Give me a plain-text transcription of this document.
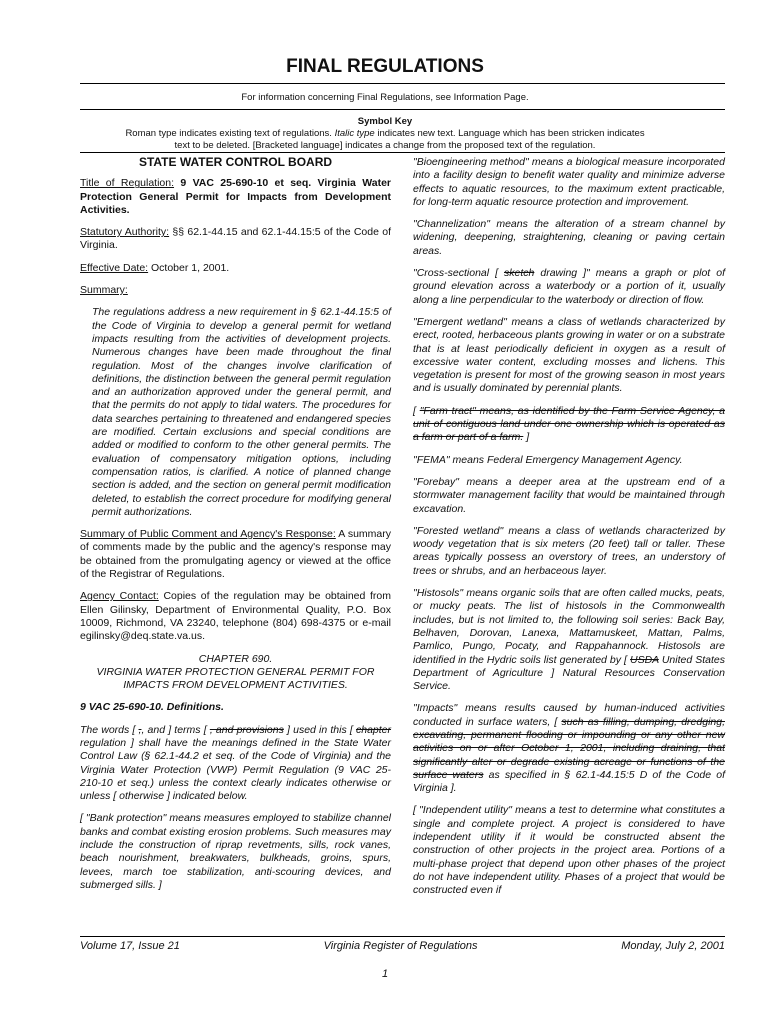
FINAL REGULATIONS
For information concerning Final Regulations, see Information Page.
Symbol Key
Roman type indicates existing text of regulations. Italic type indicates new text. Language which has been stricken indicates
text to be deleted. [Bracketed language] indicates a change from the proposed text of the regulation.
STATE WATER CONTROL BOARD

Title of Regulation: 9 VAC 25-690-10 et seq. Virginia Water Protection General Permit for Impacts from Development Activities.

Statutory Authority: §§ 62.1-44.15 and 62.1-44.15:5 of the Code of Virginia.

Effective Date: October 1, 2001.

Summary:

The regulations address a new requirement in § 62.1-44.15:5 of the Code of Virginia to develop a general permit for wetland impacts resulting from the activities of development projects. Numerous changes have been made throughout the final regulation. Most of the changes involve clarification of definitions, the distinction between the general permit regulation and an authorization approved under the general permit, and that the permits do not apply to tidal waters. The procedures for data searches pertaining to threatened and endangered species are modified. Certain exclusions and special conditions are added or modified to conform to the other general permits. The evaluation of compensatory mitigation options, including compensation ratios, is clarified. A notice of planned change section is added, and the section on general permit modification deleted, to establish the correct procedure for modifying general permit authorizations.

Summary of Public Comment and Agency's Response: A summary of comments made by the public and the agency's response may be obtained from the promulgating agency or viewed at the office of the Registrar of Regulations.

Agency Contact: Copies of the regulation may be obtained from Ellen Gilinsky, Department of Environmental Quality, P.O. Box 10009, Richmond, VA 23240, telephone (804) 698-4375 or e-mail egilinsky@deq.state.va.us.

CHAPTER 690.

VIRGINIA WATER PROTECTION GENERAL PERMIT FOR IMPACTS FROM DEVELOPMENT ACTIVITIES.

9 VAC 25-690-10. Definitions.

The words [ ,, and ] terms [ , and provisions ] used in this [ chapter regulation ] shall have the meanings defined in the State Water Control Law (§ 62.1-44.2 et seq. of the Code of Virginia) and the Virginia Water Protection (VWP) Permit Regulation (9 VAC 25-210-10 et seq.) unless the context clearly indicates otherwise or unless [ otherwise ] indicated below.

[ "Bank protection" means measures employed to stabilize channel banks and combat existing erosion problems. Such measures may include the construction of riprap revetments, sills, rock vanes, beach nourishment, breakwaters, bulkheads, groins, spurs, levees, march toe stabilization, anti-scouring devices, and submerged sills. ]

"Bioengineering method" means a biological measure incorporated into a facility design to benefit water quality and minimize adverse effects to aquatic resources, to the maximum extent practicable, for long-term aquatic resource protection and improvement.

"Channelization" means the alteration of a stream channel by widening, deepening, straightening, cleaning or paving certain areas.

"Cross-sectional [ sketch drawing ]" means a graph or plot of ground elevation across a waterbody or a portion of it, usually along a line perpendicular to the waterbody or direction of flow.

"Emergent wetland" means a class of wetlands characterized by erect, rooted, herbaceous plants growing in water or on a substrate that is at least periodically deficient in oxygen as a result of excessive water content, excluding mosses and lichens. This vegetation is present for most of the growing season in most years and is usually dominated by perennial plants.

[ "Farm tract" means, as identified by the Farm Service Agency, a unit of contiguous land under one ownership which is operated as a farm or part of a farm. ]

"FEMA" means Federal Emergency Management Agency.

"Forebay" means a deeper area at the upstream end of a stormwater management facility that would be maintained through excavation.

"Forested wetland" means a class of wetlands characterized by woody vegetation that is six meters (20 feet) tall or taller. These areas typically possess an overstory of trees, an understory of trees or shrubs, and an herbaceous layer.

"Histosols" means organic soils that are often called mucks, peats, or mucky peats. The list of histosols in the Commonwealth includes, but is not limited to, the following soil series: Back Bay, Belhaven, Dorovan, Lanexa, Mattamuskeet, Mattan, Palms, Pamlico, Pungo, Pocaty, and Rappahannock. Histosols are identified in the Hydric soils list generated by [ USDA United States Department of Agriculture ] Natural Resources Conservation Service.

"Impacts" means results caused by human-induced activities conducted in surface waters, [ such as filling, dumping, dredging, excavating, permanent flooding or impounding or any other new activities on or after October 1, 2001, including draining, that significantly alter or degrade existing acreage or functions of the surface waters as specified in § 62.1-44.15:5 D of the Code of Virginia ].

[ "Independent utility" means a test to determine what constitutes a single and complete project. A project is considered to have independent utility if it would be constructed absent the construction of other projects in the project area. Portions of a multi-phase project that depend upon other phases of the project do not have independent utility. Phases of a project that would be constructed even if

Volume 17, Issue 21	Virginia Register of Regulations	Monday, July 2, 2001
1
